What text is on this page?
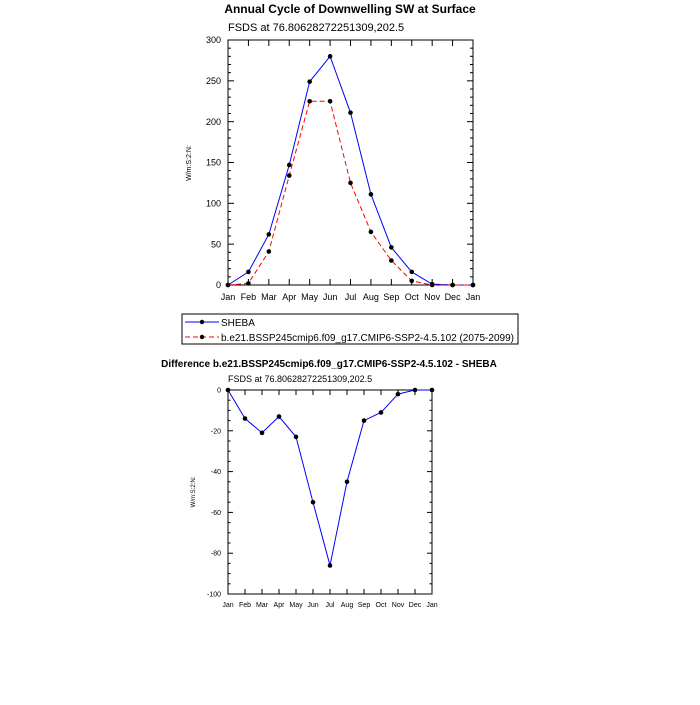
Annual Cycle of Downwelling SW at Surface
FSDS at 76.80628272251309,202.5
W/m:S:2:N:
Jan Feb Mar Apr May Jun Jul Aug Sep Oct Nov Dec Jan
0
50
100
150
200
250
300
SHEBA
b.e21.BSSP245cmip6.f09_g17.CMIP6-SSP2-4.5.102 (2075-2099)
Difference b.e21.BSSP245cmip6.f09_g17.CMIP6-SSP2-4.5.102 - SHEBA
FSDS at 76.80628272251309,202.5
W/m:S:2:N:
Jan Feb Mar Apr May Jun Jul Aug Sep Oct Nov Dec Jan
-100
-80
-60
-40
-20
0
